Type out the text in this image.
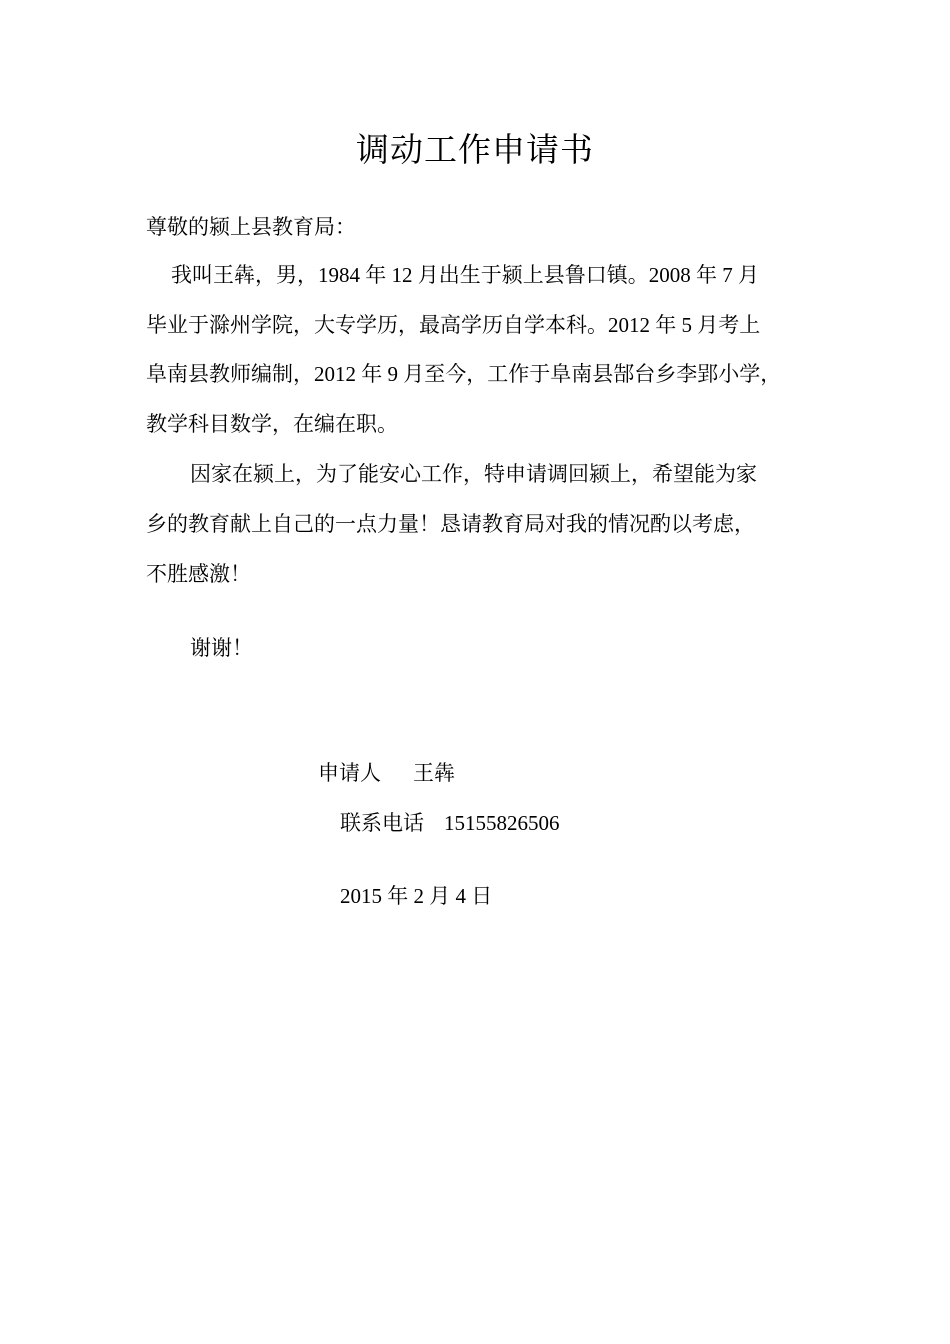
调动工作申请书
尊敬的颍上县教育局：
我叫王犇，男，1984 年 12 月出生于颍上县鲁口镇。2008 年 7 月
毕业于滁州学院，大专学历，最高学历自学本科。2012 年 5 月考上
阜南县教师编制，2012 年 9 月至今，工作于阜南县郜台乡李郢小学，
教学科目数学，在编在职。
因家在颍上，为了能安心工作，特申请调回颍上，希望能为家
乡的教育献上自己的一点力量！恳请教育局对我的情况酌以考虑，
不胜感激！
谢谢！
申请人 王犇
联系电话 15155826506
2015 年 2 月 4 日
